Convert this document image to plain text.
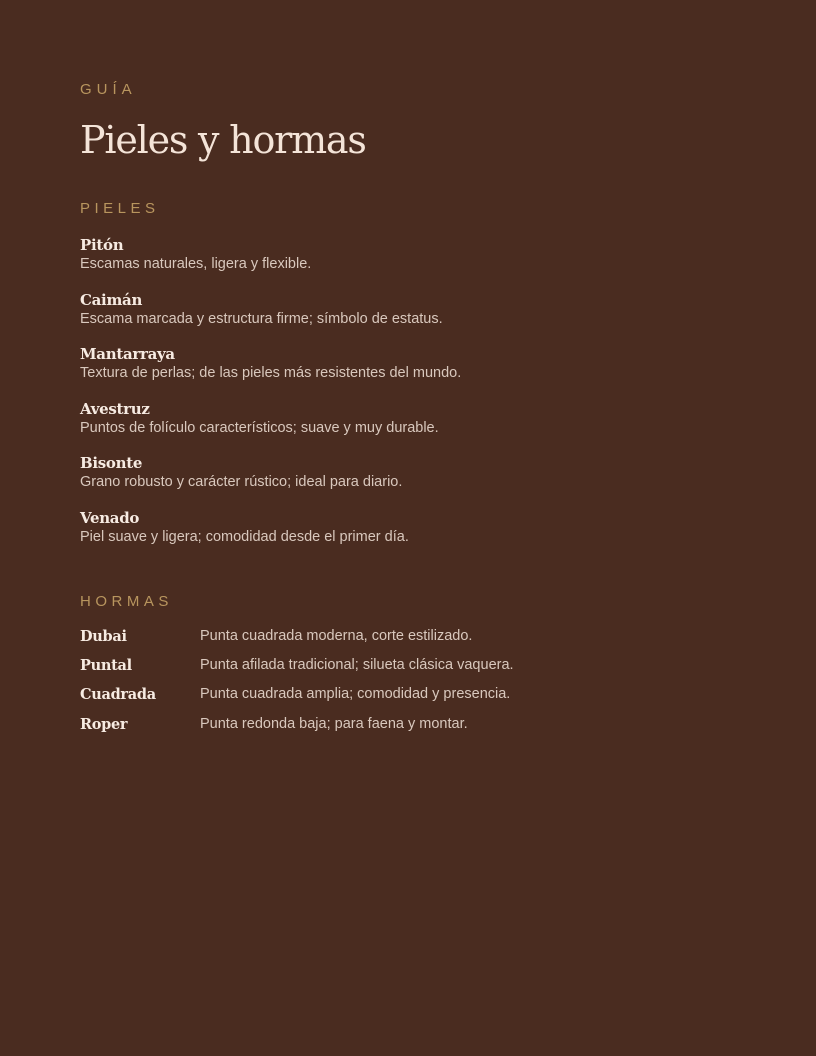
GUÍA
Pieles y hormas
PIELES
Pitón
Escamas naturales, ligera y flexible.
Caimán
Escama marcada y estructura firme; símbolo de estatus.
Mantarraya
Textura de perlas; de las pieles más resistentes del mundo.
Avestruz
Puntos de folículo característicos; suave y muy durable.
Bisonte
Grano robusto y carácter rústico; ideal para diario.
Venado
Piel suave y ligera; comodidad desde el primer día.
HORMAS
Dubai	Punta cuadrada moderna, corte estilizado.
Puntal	Punta afilada tradicional; silueta clásica vaquera.
Cuadrada	Punta cuadrada amplia; comodidad y presencia.
Roper	Punta redonda baja; para faena y montar.
